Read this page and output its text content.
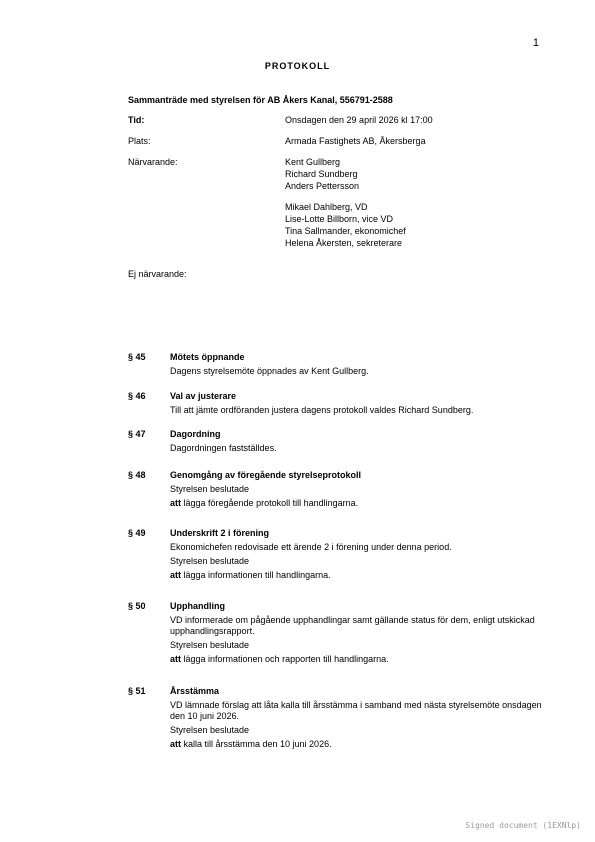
1
PROTOKOLL
Sammanträde med styrelsen för AB Åkers Kanal, 556791-2588
Tid:	Onsdagen den 29 april 2026 kl 17:00
Plats:	Armada Fastighets AB, Åkersberga
Närvarande:	Kent Gullberg
Richard Sundberg
Anders Pettersson
Mikael Dahlberg, VD
Lise-Lotte Billborn, vice VD
Tina Sallmander, ekonomichef
Helena Åkersten, sekreterare
Ej närvarande:
§ 45	Mötets öppnande
Dagens styrelsemöte öppnades av Kent Gullberg.
§ 46	Val av justerare
Till att jämte ordföranden justera dagens protokoll valdes Richard Sundberg.
§ 47	Dagordning
Dagordningen fastställdes.
§ 48	Genomgång av föregående styrelseprotokoll
Styrelsen beslutade
att lägga föregående protokoll till handlingarna.
§ 49	Underskrift 2 i förening
Ekonomichefen redovisade ett ärende 2 i förening under denna period.
Styrelsen beslutade
att lägga informationen till handlingarna.
§ 50	Upphandling
VD informerade om pågående upphandlingar samt gällande status för dem, enligt utskickad upphandlingsrapport.
Styrelsen beslutade
att lägga informationen och rapporten till handlingarna.
§ 51	Årsstämma
VD lämnade förslag att låta kalla till årsstämma i samband med nästa styrelsemöte onsdagen den 10 juni 2026.
Styrelsen beslutade
att kalla till årsstämma den 10 juni 2026.
Signed document (1EXNlp)
